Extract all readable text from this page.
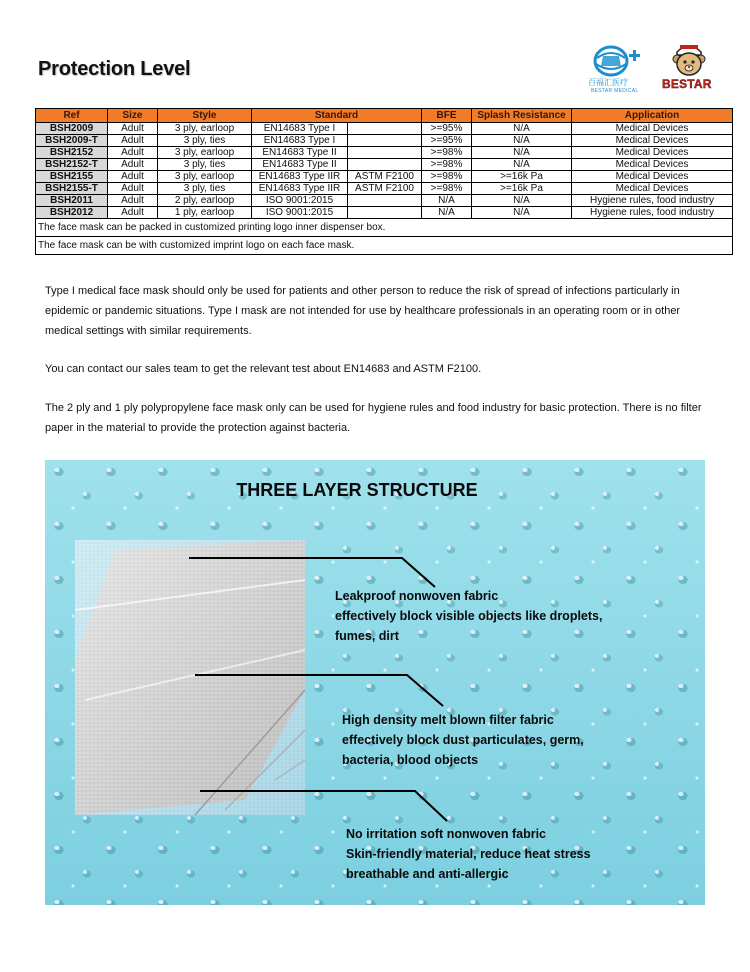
Protection Level
百福汇医疗
BESTAR MEDICAL BESTAR
Ref	Size	Style	Standard		BFE	Splash Resistance	Application
BSH2009	Adult	3 ply, earloop	EN14683 Type I		>=95%	N/A	Medical Devices
BSH2009-T	Adult	3 ply, ties	EN14683 Type I		>=95%	N/A	Medical Devices
BSH2152	Adult	3 ply, earloop	EN14683 Type II		>=98%	N/A	Medical Devices
BSH2152-T	Adult	3 ply, ties	EN14683 Type II		>=98%	N/A	Medical Devices
BSH2155	Adult	3 ply, earloop	EN14683 Type IIR	ASTM F2100	>=98%	>=16k Pa	Medical Devices
BSH2155-T	Adult	3 ply, ties	EN14683 Type IIR	ASTM F2100	>=98%	>=16k Pa	Medical Devices
BSH2011	Adult	2 ply, earloop	ISO 9001:2015		N/A	N/A	Hygiene rules, food industry
BSH2012	Adult	1 ply, earloop	ISO 9001:2015		N/A	N/A	Hygiene rules, food industry
The face mask can be packed in customized printing logo inner dispenser box.							
The face mask can be with customized imprint logo on each face mask.							

Type I medical face mask should only be used for patients and other person to reduce the risk of spread of infections particularly in epidemic or pandemic situations. Type I mask are not intended for use by healthcare professionals in an operating room or in other medical settings with similar requirements.

You can contact our sales team to get the relevant test about EN14683 and ASTM F2100.

The 2 ply and 1 ply polypropylene face mask only can be used for hygiene rules and food industry for basic protection. There is no filter paper in the material to provide the protection against bacteria.

THREE LAYER STRUCTURE
Leakproof nonwoven fabric
effectively block visible objects like droplets,
fumes, dirt
High density melt blown filter fabric
effectively block dust particulates, germ,
bacteria, blood objects
No irritation soft nonwoven fabric
Skin-friendly material, reduce heat stress
breathable and anti-allergic
